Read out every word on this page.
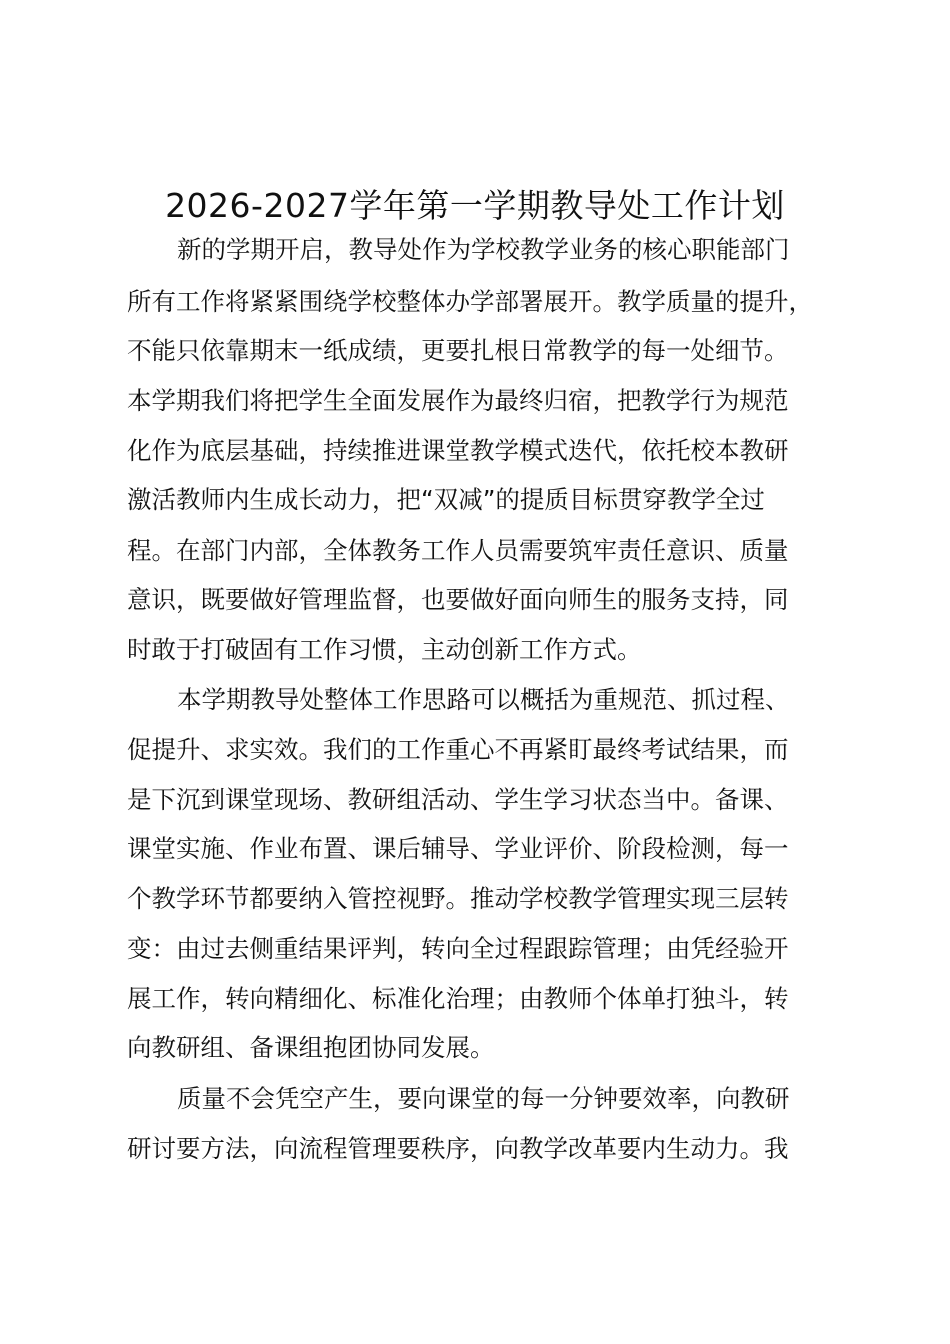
2026-2027学年第一学期教导处工作计划
新的学期开启，教导处作为学校教学业务的核心职能部门
所有工作将紧紧围绕学校整体办学部署展开。教学质量的提升，
不能只依靠期末一纸成绩，更要扎根日常教学的每一处细节。
本学期我们将把学生全面发展作为最终归宿，把教学行为规范
化作为底层基础，持续推进课堂教学模式迭代，依托校本教研
激活教师内生成长动力，把“双减”的提质目标贯穿教学全过
程。在部门内部，全体教务工作人员需要筑牢责任意识、质量
意识，既要做好管理监督，也要做好面向师生的服务支持，同
时敢于打破固有工作习惯，主动创新工作方式。
本学期教导处整体工作思路可以概括为重规范、抓过程、
促提升、求实效。我们的工作重心不再紧盯最终考试结果，而
是下沉到课堂现场、教研组活动、学生学习状态当中。备课、
课堂实施、作业布置、课后辅导、学业评价、阶段检测，每一
个教学环节都要纳入管控视野。推动学校教学管理实现三层转
变：由过去侧重结果评判，转向全过程跟踪管理；由凭经验开
展工作，转向精细化、标准化治理；由教师个体单打独斗，转
向教研组、备课组抱团协同发展。
质量不会凭空产生，要向课堂的每一分钟要效率，向教研
研讨要方法，向流程管理要秩序，向教学改革要内生动力。我
